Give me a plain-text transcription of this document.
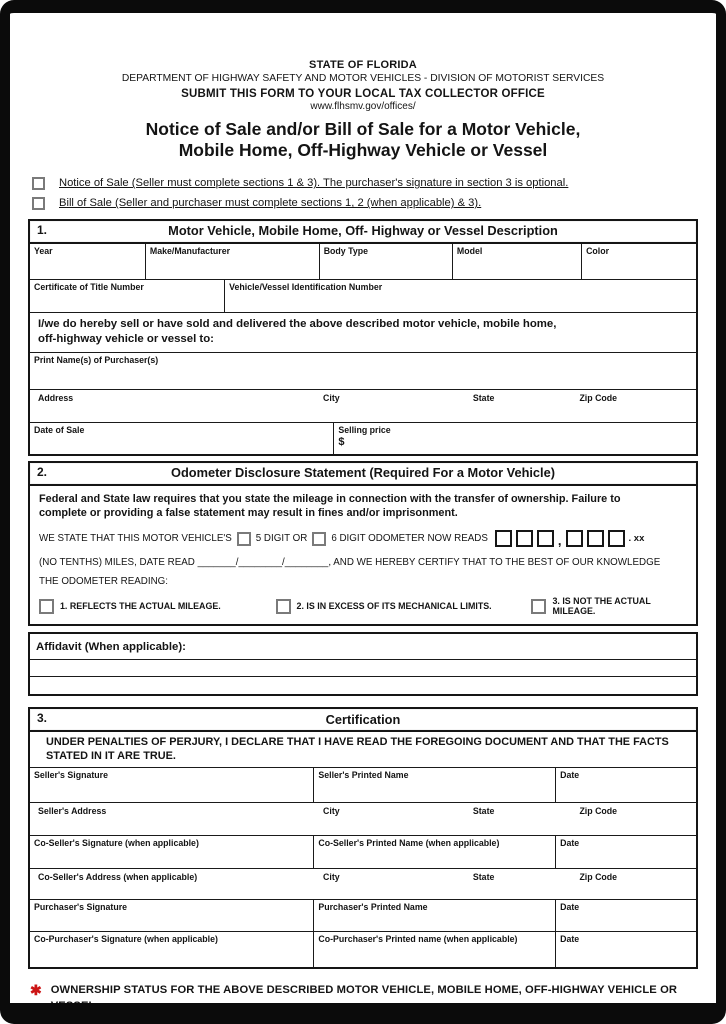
STATE OF FLORIDA
DEPARTMENT OF HIGHWAY SAFETY AND MOTOR VEHICLES - DIVISION OF MOTORIST SERVICES
SUBMIT THIS FORM TO YOUR LOCAL TAX COLLECTOR OFFICE
www.flhsmv.gov/offices/
Notice of Sale and/or Bill of Sale for a Motor Vehicle,
Mobile Home, Off-Highway Vehicle or Vessel
Notice of Sale (Seller must complete sections 1 & 3). The purchaser's signature in section 3 is optional.
Bill of Sale (Seller and purchaser must complete sections 1, 2 (when applicable) & 3).
1.	Motor Vehicle, Mobile Home, Off- Highway or Vessel Description
Year	Make/Manufacturer	Body Type	Model	Color
Certificate of Title Number	Vehicle/Vessel Identification Number
I/we do hereby sell or have sold and delivered the above described motor vehicle, mobile home,
off-highway vehicle or vessel to:
Print Name(s) of Purchaser(s)
Address	City	State	Zip Code
Date of Sale	Selling price
$
2.	Odometer Disclosure Statement (Required For a Motor Vehicle)
Federal and State law requires that you state the mileage in connection with the transfer of ownership. Failure to
complete or providing a false statement may result in fines and/or imprisonment.
WE STATE THAT THIS MOTOR VEHICLE'S 5 DIGIT OR 6 DIGIT ODOMETER NOW READS	,	. xx
(NO TENTHS) MILES, DATE READ _______/________/________, AND WE HEREBY CERTIFY THAT TO THE BEST OF OUR KNOWLEDGE
THE ODOMETER READING:
1. REFLECTS THE ACTUAL MILEAGE.	2. IS IN EXCESS OF ITS MECHANICAL LIMITS.	3. IS NOT THE ACTUAL MILEAGE.
Affidavit (When applicable):
3.	Certification
UNDER PENALTIES OF PERJURY, I DECLARE THAT I HAVE READ THE FOREGOING DOCUMENT AND THAT THE FACTS
STATED IN IT ARE TRUE.
Seller's Signature	Seller's Printed Name	Date
Seller's Address	City	State	Zip Code
Co-Seller's Signature (when applicable)	Co-Seller's Printed Name (when applicable)	Date
Co-Seller's Address (when applicable)	City	State	Zip Code
Purchaser's Signature	Purchaser's Printed Name	Date
Co-Purchaser's Signature (when applicable)	Co-Purchaser's Printed name (when applicable)	Date
✱ OWNERSHIP STATUS FOR THE ABOVE DESCRIBED MOTOR VEHICLE, MOBILE HOME, OFF-HIGHWAY VEHICLE OR VESSEL
WILL NOT CHANGE UNTIL THE PURCHASER APPLIES FOR AND IS ISSUED A CERTIFICATE OF TITLE.
